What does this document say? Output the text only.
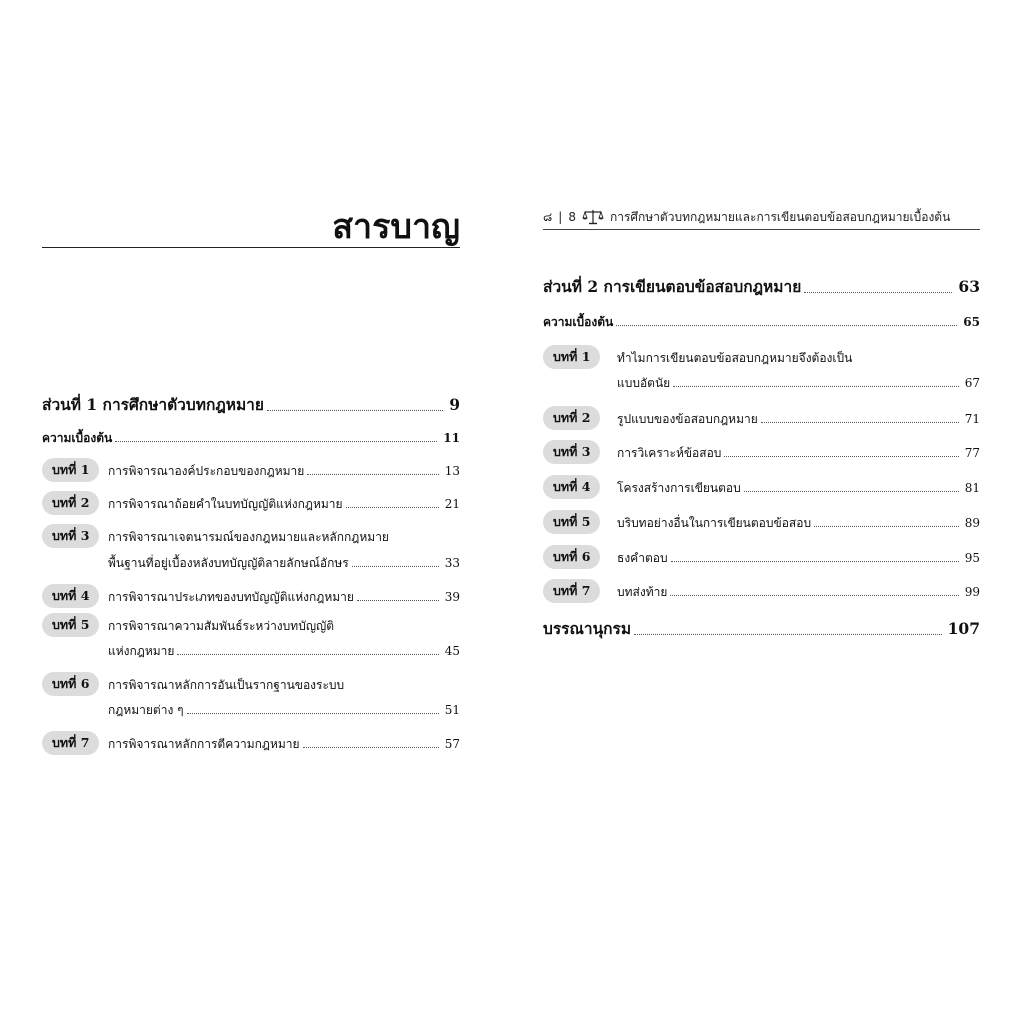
สารบาญ
ส่วนที่ 1 การศึกษาตัวบทกฎหมาย	9
ความเบื้องต้น	11
บทที่ 1	การพิจารณาองค์ประกอบของกฎหมาย	13
บทที่ 2	การพิจารณาถ้อยคำในบทบัญญัติแห่งกฎหมาย	21
บทที่ 3	การพิจารณาเจตนารมณ์ของกฎหมายและหลักกฎหมาย
พื้นฐานที่อยู่เบื้องหลังบทบัญญัติลายลักษณ์อักษร	33
บทที่ 4	การพิจารณาประเภทของบทบัญญัติแห่งกฎหมาย	39
บทที่ 5	การพิจารณาความสัมพันธ์ระหว่างบทบัญญัติ
แห่งกฎหมาย	45
บทที่ 6	การพิจารณาหลักการอันเป็นรากฐานของระบบ
กฎหมายต่าง ๆ	51
บทที่ 7	การพิจารณาหลักการตีความกฎหมาย	57
๘ | 8	การศึกษาตัวบทกฎหมายและการเขียนตอบข้อสอบกฎหมายเบื้องต้น
ส่วนที่ 2 การเขียนตอบข้อสอบกฎหมาย	63
ความเบื้องต้น	65
บทที่ 1	ทำไมการเขียนตอบข้อสอบกฎหมายจึงต้องเป็น
แบบอัตนัย	67
บทที่ 2	รูปแบบของข้อสอบกฎหมาย	71
บทที่ 3	การวิเคราะห์ข้อสอบ	77
บทที่ 4	โครงสร้างการเขียนตอบ	81
บทที่ 5	บริบทอย่างอื่นในการเขียนตอบข้อสอบ	89
บทที่ 6	ธงคำตอบ	95
บทที่ 7	บทส่งท้าย	99
บรรณานุกรม	107
